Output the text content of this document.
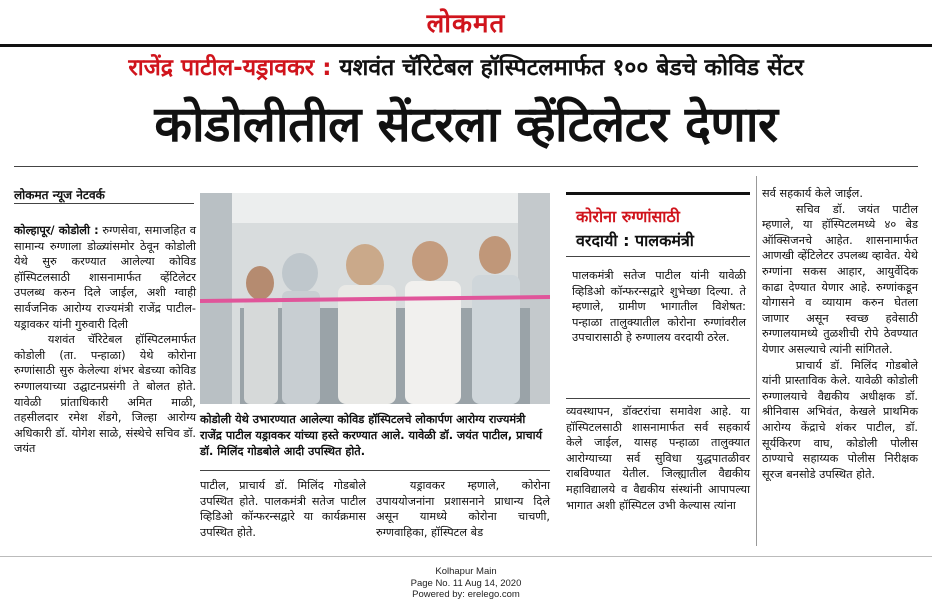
लोकमत
राजेंद्र पाटील-यड्रावकर : यशवंत चॅरिटेबल हॉस्पिटलमार्फत १०० बेडचे कोविड सेंटर
कोडोलीतील सेंटरला व्हेंटिलेटर देणार
लोकमत न्यूज नेटवर्क

कोल्हापूर/ कोडोली : रुग्णसेवा, समाजहित व सामान्य रुग्णाला डोळ्यांसमोर ठेवून कोडोली येथे सुरु करण्यात आलेल्या कोविड हॉस्पिटलसाठी शासनामार्फत व्हेंटिलेटर उपलब्ध करुन दिले जाईल, अशी ग्वाही सार्वजनिक आरोग्य राज्यमंत्री राजेंद्र पाटील-यड्रावकर यांनी गुरुवारी दिली

यशवंत चॅरिटेबल हॉस्पिटलमार्फत कोडोली (ता. पन्हाळा) येथे कोरोना रुग्णांसाठी सुरु केलेल्या शंभर बेडच्या कोविड रुग्णालयाच्या उद्घाटनप्रसंगी ते बोलत होते. यावेळी प्रांताधिकारी अमित माळी, तहसीलदार रमेश शेंडगे, जिल्हा आरोग्य अधिकारी डॉ. योगेश साळे, संस्थेचे सचिव डॉ. जयंत

कोडोली येथे उभारण्यात आलेल्या कोविड हॉस्पिटलचे लोकार्पण आरोग्य राज्यमंत्री राजेंद्र पाटील यड्रावकर यांच्या हस्ते करण्यात आले. यावेळी डॉ. जयंत पाटील, प्राचार्य डॉ. मिलिंद गोडबोले आदी उपस्थित होते.

पाटील, प्राचार्य डॉ. मिलिंद गोडबोले उपस्थित होते. पालकमंत्री सतेज पाटील व्हिडिओ कॉन्फरन्सद्वारे या कार्यक्रमास उपस्थित होते.

यड्रावकर म्हणाले, कोरोना उपाययोजनांना प्रशासनाने प्राधान्य दिले असून यामध्ये कोरोना चाचणी, रुग्णवाहिका, हॉस्पिटल बेड

कोरोना रुग्णांसाठी
वरदायी : पालकमंत्री
पालकमंत्री सतेज पाटील यांनी यावेळी व्हिडिओ कॉन्फरन्सद्वारे शुभेच्छा दिल्या. ते म्हणाले, ग्रामीण भागातील विशेषत: पन्हाळा तालुक्यातील कोरोना रुग्णांवरील उपचारासाठी हे रुग्णालय वरदायी ठरेल.

व्यवस्थापन, डॉक्टरांचा समावेश आहे. या हॉस्पिटलसाठी शासनामार्फत सर्व सहकार्य केले जाईल, यासह पन्हाळा तालुक्यात आरोग्याच्या सर्व सुविधा युद्धपातळीवर राबविण्यात येतील. जिल्ह्यातील वैद्यकीय महाविद्यालये व वैद्यकीय संस्थांनी आपापल्या भागात अशी हॉस्पिटल उभी केल्यास त्यांना

सर्व सहकार्य केले जाईल.

सचिव डॉ. जयंत पाटील म्हणाले, या हॉस्पिटलमध्ये ४० बेड ऑक्सिजनचे आहेत. शासनामार्फत आणखी व्हेंटिलेटर उपलब्ध व्हावेत. येथे रुग्णांना सकस आहार, आयुर्वेदिक काढा देण्यात येणार आहे. रुग्णांकडून योगासने व व्यायाम करुन घेतला जाणार असून स्वच्छ हवेसाठी रुग्णालयामध्ये तुळशीची रोपे ठेवण्यात येणार असल्याचे त्यांनी सांगितले.

प्राचार्य डॉ. मिलिंद गोडबोले यांनी प्रास्ताविक केले. यावेळी कोडोली रुग्णालयाचे वैद्यकीय अधीक्षक डॉ. श्रीनिवास अभिवंत, केखले प्राथमिक आरोग्य केंद्राचे शंकर पाटील, डॉ. सूर्यकिरण वाघ, कोडोली पोलीस ठाण्याचे सहाय्यक पोलीस निरीक्षक सूरज बनसोडे उपस्थित होते.

Kolhapur Main
Page No. 11 Aug 14, 2020
Powered by: erelego.com
